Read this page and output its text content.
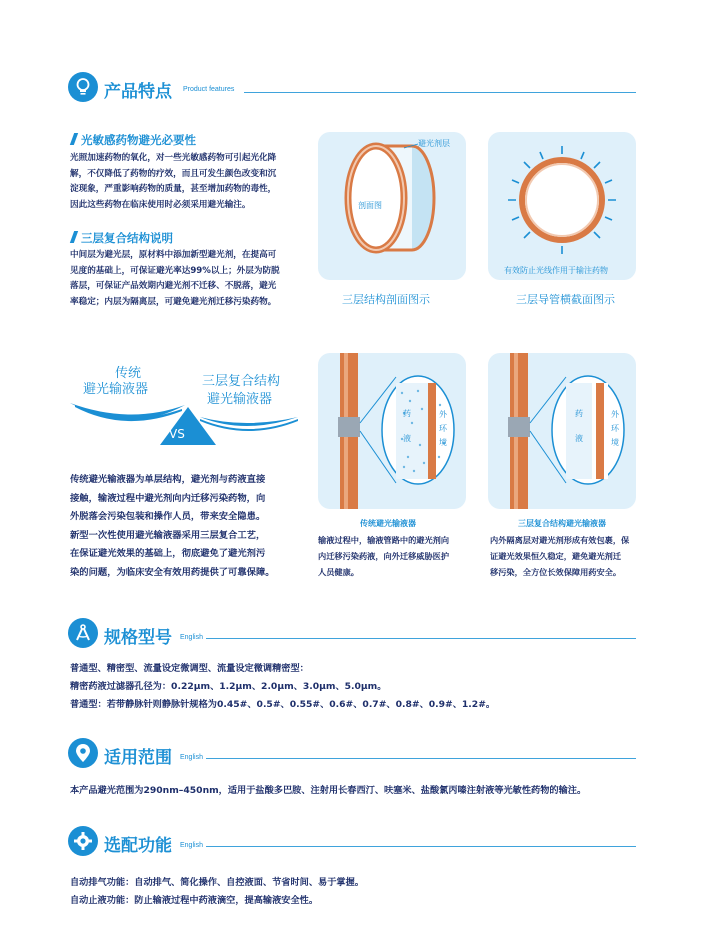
产品特点 Product features
光敏感药物避光必要性
光照加速药物的氧化，对一些光敏感药物可引起光化降
解，不仅降低了药物的疗效，而且可发生颜色改变和沉
淀现象，严重影响药物的质量，甚至增加药物的毒性，
因此这些药物在临床使用时必须采用避光输注。
三层复合结构说明
中间层为避光层，原材料中添加新型避光剂，在提高可
见度的基础上，可保证避光率达99%以上；外层为防脱
落层，可保证产品效期内避光剂不迁移、不脱落，避光
率稳定；内层为隔离层，可避免避光剂迁移污染药物。
避光剂层
剖面图
三层结构剖面图示
有效防止光线作用于输注药物
三层导管横截面图示
传统
避光输液器
三层复合结构
避光输液器
VS
传统避光输液器为单层结构，避光剂与药液直接
接触，输液过程中避光剂向内迁移污染药物，向
外脱落会污染包装和操作人员，带来安全隐患。
新型一次性使用避光输液器采用三层复合工艺，
在保证避光效果的基础上，彻底避免了避光剂污
染的问题，为临床安全有效用药提供了可靠保障。
药
液
外
环
境
传统避光输液器
输液过程中，输液管路中的避光剂向
内迁移污染药液，向外迁移威胁医护
人员健康。
药
液
外
环
境
三层复合结构避光输液器
内外隔离层对避光剂形成有效包裹，保
证避光效果恒久稳定，避免避光剂迁
移污染，全方位长效保障用药安全。
规格型号 English
普通型、精密型、流量设定微调型、流量设定微调精密型：
精密药液过滤器孔径为：0.22μm、1.2μm、2.0μm、3.0μm、5.0μm。
普通型：若带静脉针则静脉针规格为0.45#、0.5#、0.55#、0.6#、0.7#、0.8#、0.9#、1.2#。
适用范围 English
本产品避光范围为290nm–450nm，适用于盐酸多巴胺、注射用长春西汀、呋塞米、盐酸氯丙嗪注射液等光敏性药物的输注。
选配功能 English
自动排气功能：自动排气、简化操作、自控液面、节省时间、易于掌握。
自动止液功能：防止输液过程中药液滴空，提高输液安全性。
